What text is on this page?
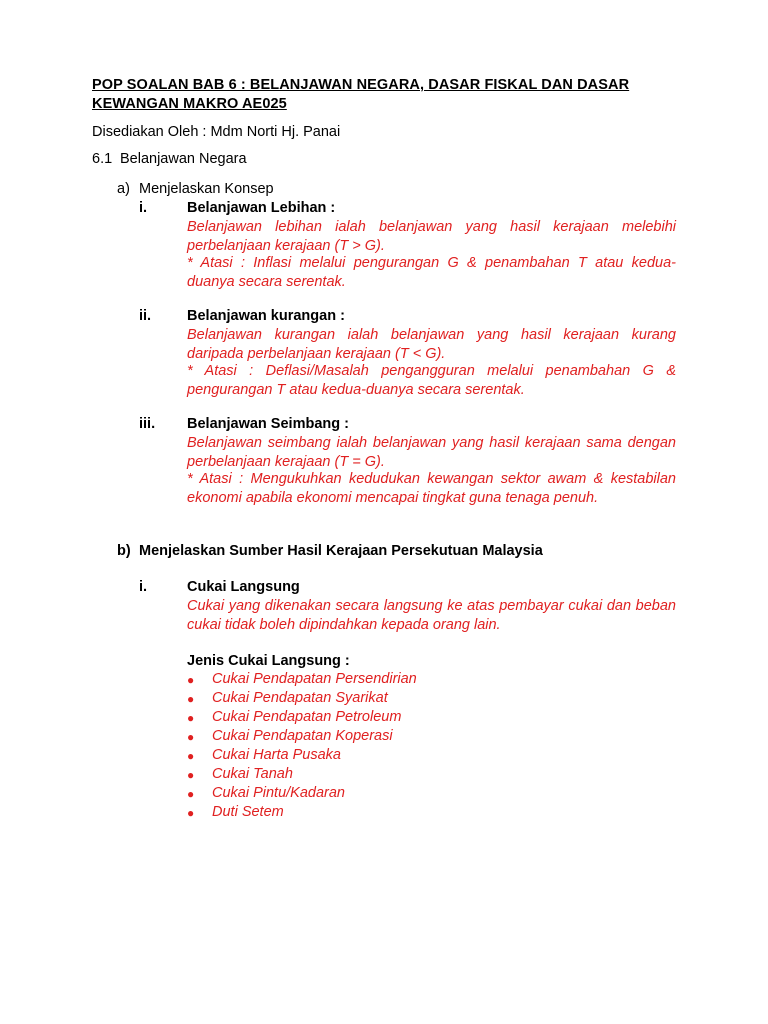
POP SOALAN BAB 6 : BELANJAWAN NEGARA, DASAR FISKAL DAN DASAR
KEWANGAN MAKRO AE025
Disediakan Oleh : Mdm Norti Hj. Panai
6.1 Belanjawan Negara
a) Menjelaskan Konsep
i.	Belanjawan Lebihan :
Belanjawan lebihan ialah belanjawan yang hasil kerajaan melebihi perbelanjaan kerajaan (T > G).
* Atasi : Inflasi melalui pengurangan G & penambahan T atau kedua-duanya secara serentak.
ii. Belanjawan kurangan :
Belanjawan kurangan ialah belanjawan yang hasil kerajaan kurang daripada perbelanjaan kerajaan (T < G).
* Atasi : Deflasi/Masalah pengangguran melalui penambahan G & pengurangan T atau kedua-duanya secara serentak.
iii. Belanjawan Seimbang :
Belanjawan seimbang ialah belanjawan yang hasil kerajaan sama dengan perbelanjaan kerajaan (T = G).
* Atasi : Mengukuhkan kedudukan kewangan sektor awam & kestabilan ekonomi apabila ekonomi mencapai tingkat guna tenaga penuh.
b) Menjelaskan Sumber Hasil Kerajaan Persekutuan Malaysia
i.	Cukai Langsung
Cukai yang dikenakan secara langsung ke atas pembayar cukai dan beban cukai tidak boleh dipindahkan kepada orang lain.
Jenis Cukai Langsung :
● Cukai Pendapatan Persendirian
● Cukai Pendapatan Syarikat
● Cukai Pendapatan Petroleum
● Cukai Pendapatan Koperasi
● Cukai Harta Pusaka
● Cukai Tanah
● Cukai Pintu/Kadaran
● Duti Setem
